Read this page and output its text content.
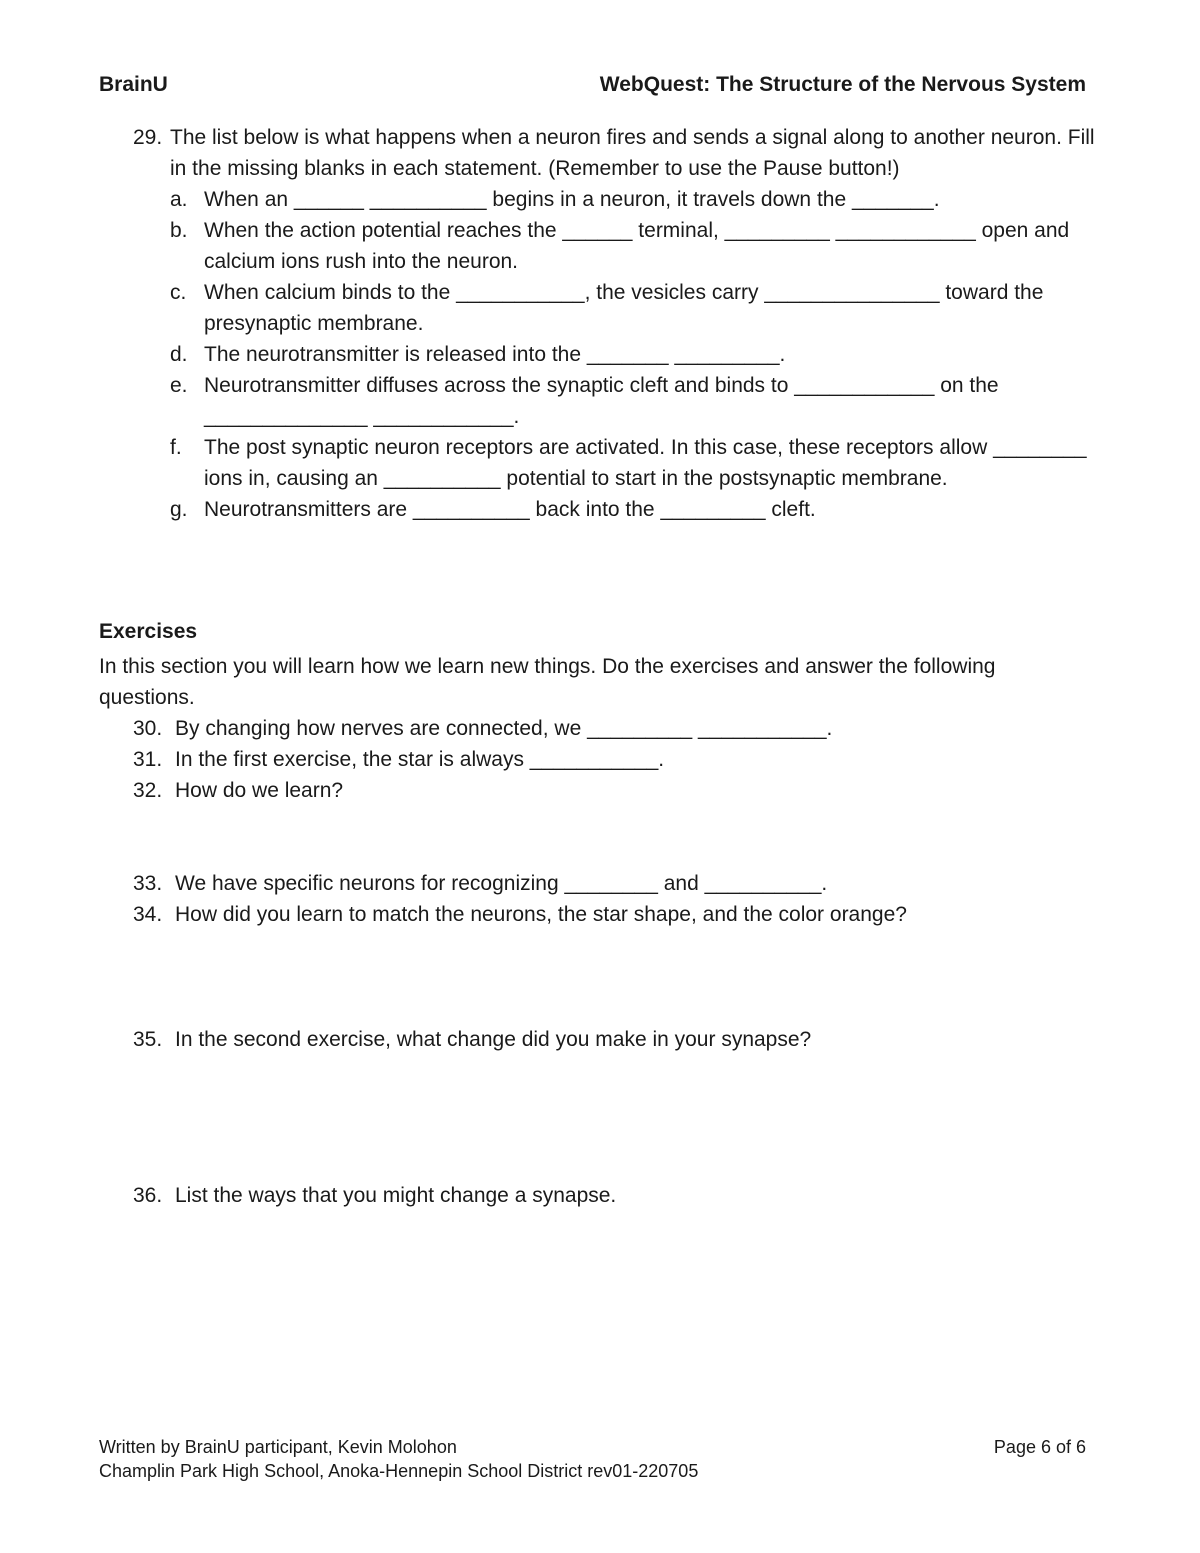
BrainU	WebQuest: The Structure of the Nervous System
29. The list below is what happens when a neuron fires and sends a signal along to another neuron. Fill in the missing blanks in each statement. (Remember to use the Pause button!)
a. When an ______ __________ begins in a neuron, it travels down the _______.
b. When the action potential reaches the ______ terminal, _________ ____________ open and calcium ions rush into the neuron.
c. When calcium binds to the ___________, the vesicles carry _______________ toward the presynaptic membrane.
d. The neurotransmitter is released into the _______ _________.
e. Neurotransmitter diffuses across the synaptic cleft and binds to ____________ on the ______________ ____________.
f. The post synaptic neuron receptors are activated. In this case, these receptors allow ________ ions in, causing an __________ potential to start in the postsynaptic membrane.
g. Neurotransmitters are __________ back into the _________ cleft.
Exercises
In this section you will learn how we learn new things. Do the exercises and answer the following questions.
30. By changing how nerves are connected, we _________ ___________.
31. In the first exercise, the star is always ___________.
32. How do we learn?
33. We have specific neurons for recognizing ________ and __________.
34. How did you learn to match the neurons, the star shape, and the color orange?
35. In the second exercise, what change did you make in your synapse?
36. List the ways that you might change a synapse.
Written by BrainU participant, Kevin Molohon
Champlin Park High School, Anoka-Hennepin School District rev01-220705
Page 6 of 6
